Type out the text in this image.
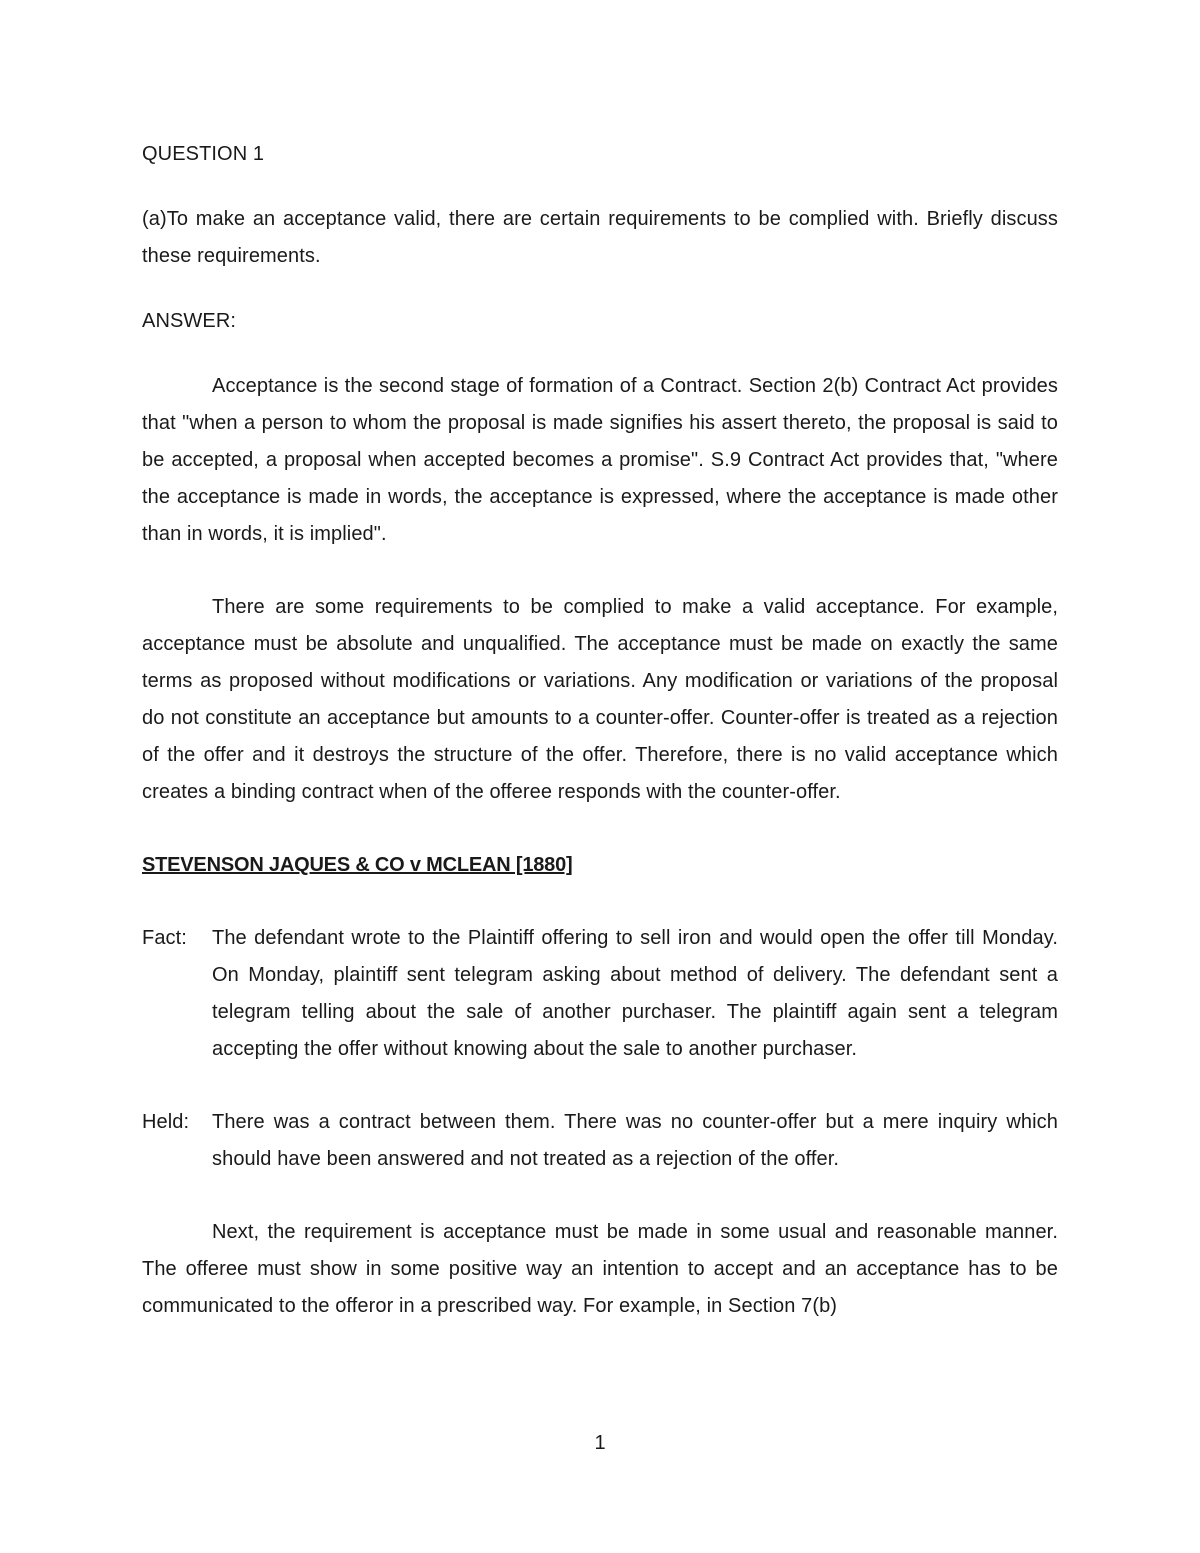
QUESTION 1

(a)To make an acceptance valid, there are certain requirements to be complied with. Briefly discuss these requirements.

ANSWER:

Acceptance is the second stage of formation of a Contract. Section 2(b) Contract Act provides that "when a person to whom the proposal is made signifies his assert thereto, the proposal is said to be accepted, a proposal when accepted becomes a promise". S.9 Contract Act provides that, "where the acceptance is made in words, the acceptance is expressed, where the acceptance is made other than in words, it is implied".

There are some requirements to be complied to make a valid acceptance. For example, acceptance must be absolute and unqualified. The acceptance must be made on exactly the same terms as proposed without modifications or variations. Any modification or variations of the proposal do not constitute an acceptance but amounts to a counter-offer. Counter-offer is treated as a rejection of the offer and it destroys the structure of the offer. Therefore, there is no valid acceptance which creates a binding contract when of the offeree responds with the counter-offer.

STEVENSON JAQUES & CO v MCLEAN [1880]

Fact:	The defendant wrote to the Plaintiff offering to sell iron and would open the offer till Monday. On Monday, plaintiff sent telegram asking about method of delivery. The defendant sent a telegram telling about the sale of another purchaser. The plaintiff again sent a telegram accepting the offer without knowing about the sale to another purchaser.
Held:	There was a contract between them. There was no counter-offer but a mere inquiry which should have been answered and not treated as a rejection of the offer.

Next, the requirement is acceptance must be made in some usual and reasonable manner. The offeree must show in some positive way an intention to accept and an acceptance has to be communicated to the offeror in a prescribed way. For example, in Section 7(b)

1
